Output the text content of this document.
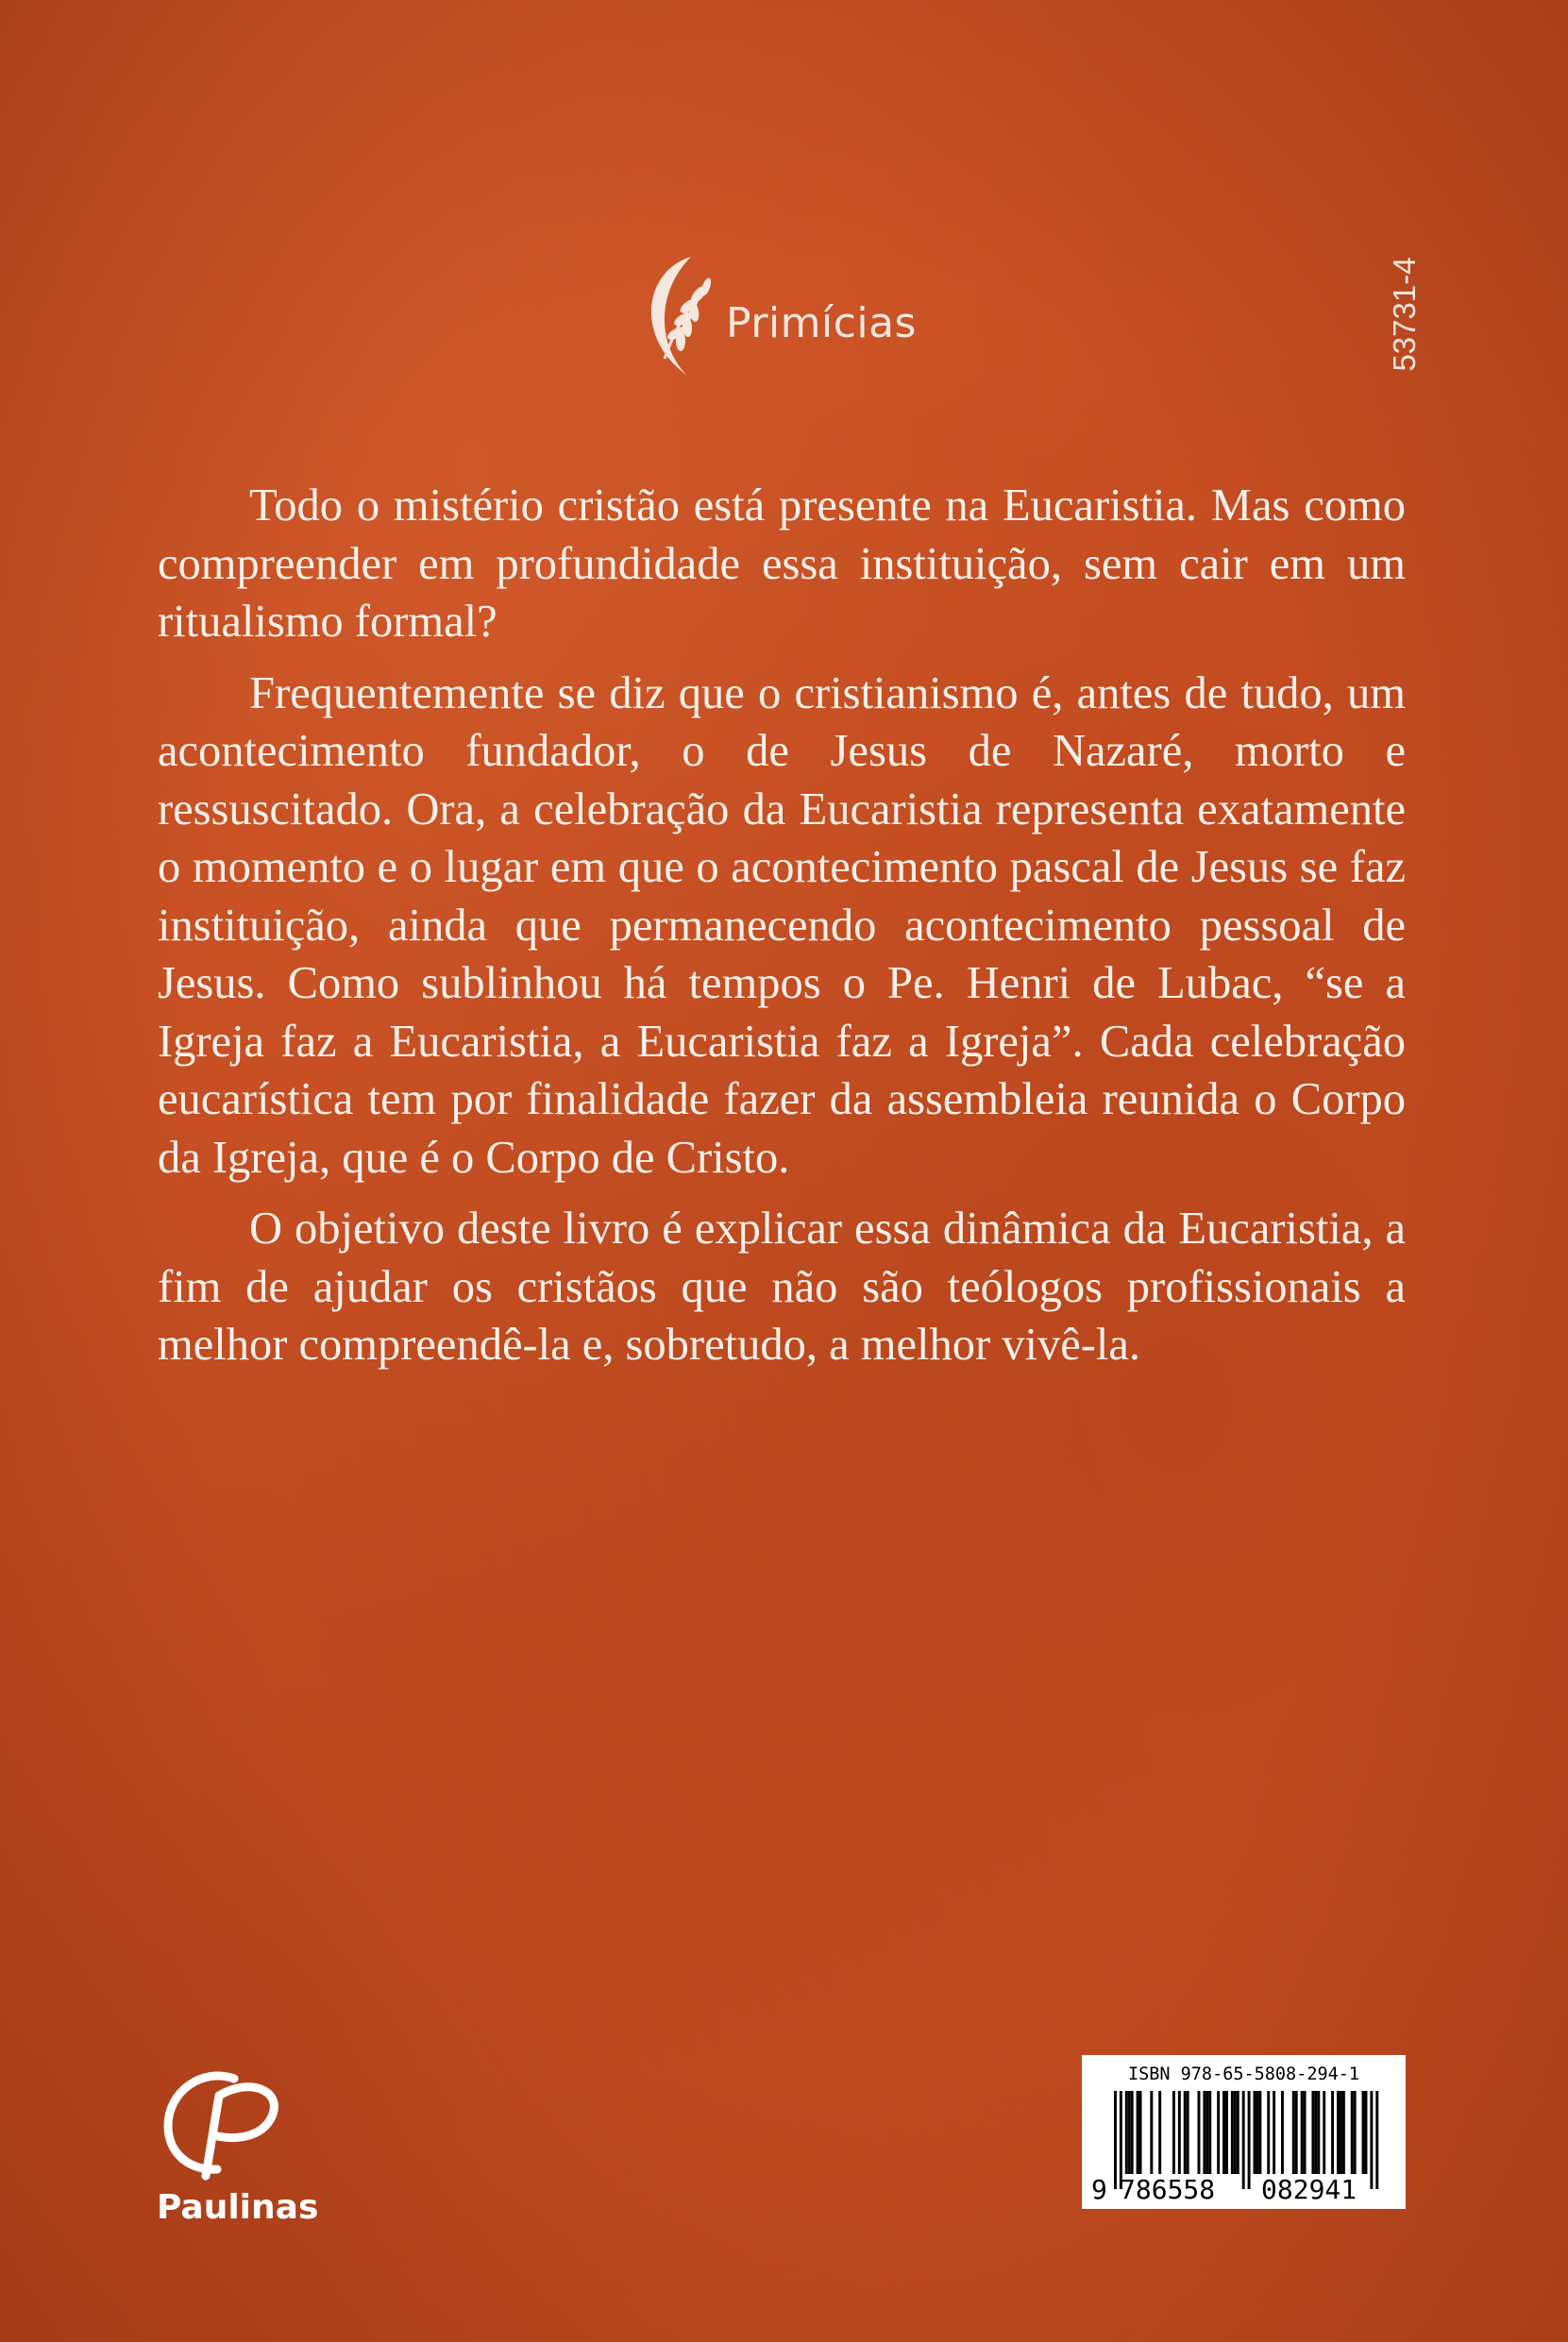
Primícias	53731-4

Todo o mistério cristão está presente na Eucaristia. Mas como compreender em profundidade essa instituição, sem cair em um ritualismo formal?

Frequentemente se diz que o cristianismo é, antes de tudo, um acontecimento fundador, o de Jesus de Nazaré, morto e ressuscitado. Ora, a celebração da Eucaristia representa exatamente o momento e o lugar em que o acontecimento pascal de Jesus se faz instituição, ainda que permanecendo acontecimento pessoal de Jesus. Como sublinhou há tempos o Pe. Henri de Lubac, “se a Igreja faz a Eucaristia, a Eucaristia faz a Igreja”. Cada celebração eucarística tem por finalidade fazer da assembleia reunida o Corpo da Igreja, que é o Corpo de Cristo.

O objetivo deste livro é explicar essa dinâmica da Eucaristia, a fim de ajudar os cristãos que não são teólogos profissionais a melhor compreendê-la e, sobretudo, a melhor vivê-la.

Paulinas
ISBN 978-65-5808-294-1
9 786558 082941
